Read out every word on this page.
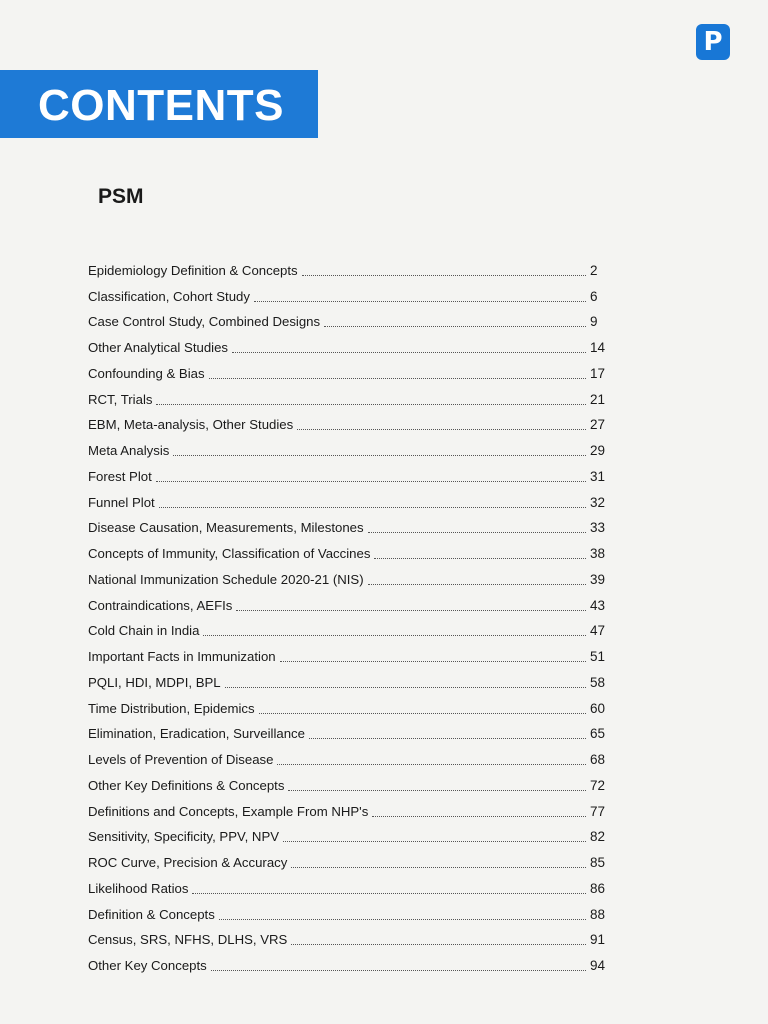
P
CONTENTS
PSM
Epidemiology Definition & Concepts	2
Classification, Cohort Study	6
Case Control Study, Combined Designs	9
Other Analytical Studies	14
Confounding & Bias	17
RCT, Trials	21
EBM, Meta-analysis, Other Studies	27
Meta Analysis	29
Forest Plot	31
Funnel Plot	32
Disease Causation, Measurements, Milestones	33
Concepts of Immunity, Classification of Vaccines	38
National Immunization Schedule 2020-21 (NIS)	39
Contraindications, AEFIs	43
Cold Chain in India	47
Important Facts in Immunization	51
PQLI, HDI, MDPI, BPL	58
Time Distribution, Epidemics	60
Elimination, Eradication, Surveillance	65
Levels of Prevention of Disease	68
Other Key Definitions & Concepts	72
Definitions and Concepts, Example From NHP's	77
Sensitivity, Specificity, PPV, NPV	82
ROC Curve, Precision & Accuracy	85
Likelihood Ratios	86
Definition & Concepts	88
Census, SRS, NFHS, DLHS, VRS	91
Other Key Concepts	94
